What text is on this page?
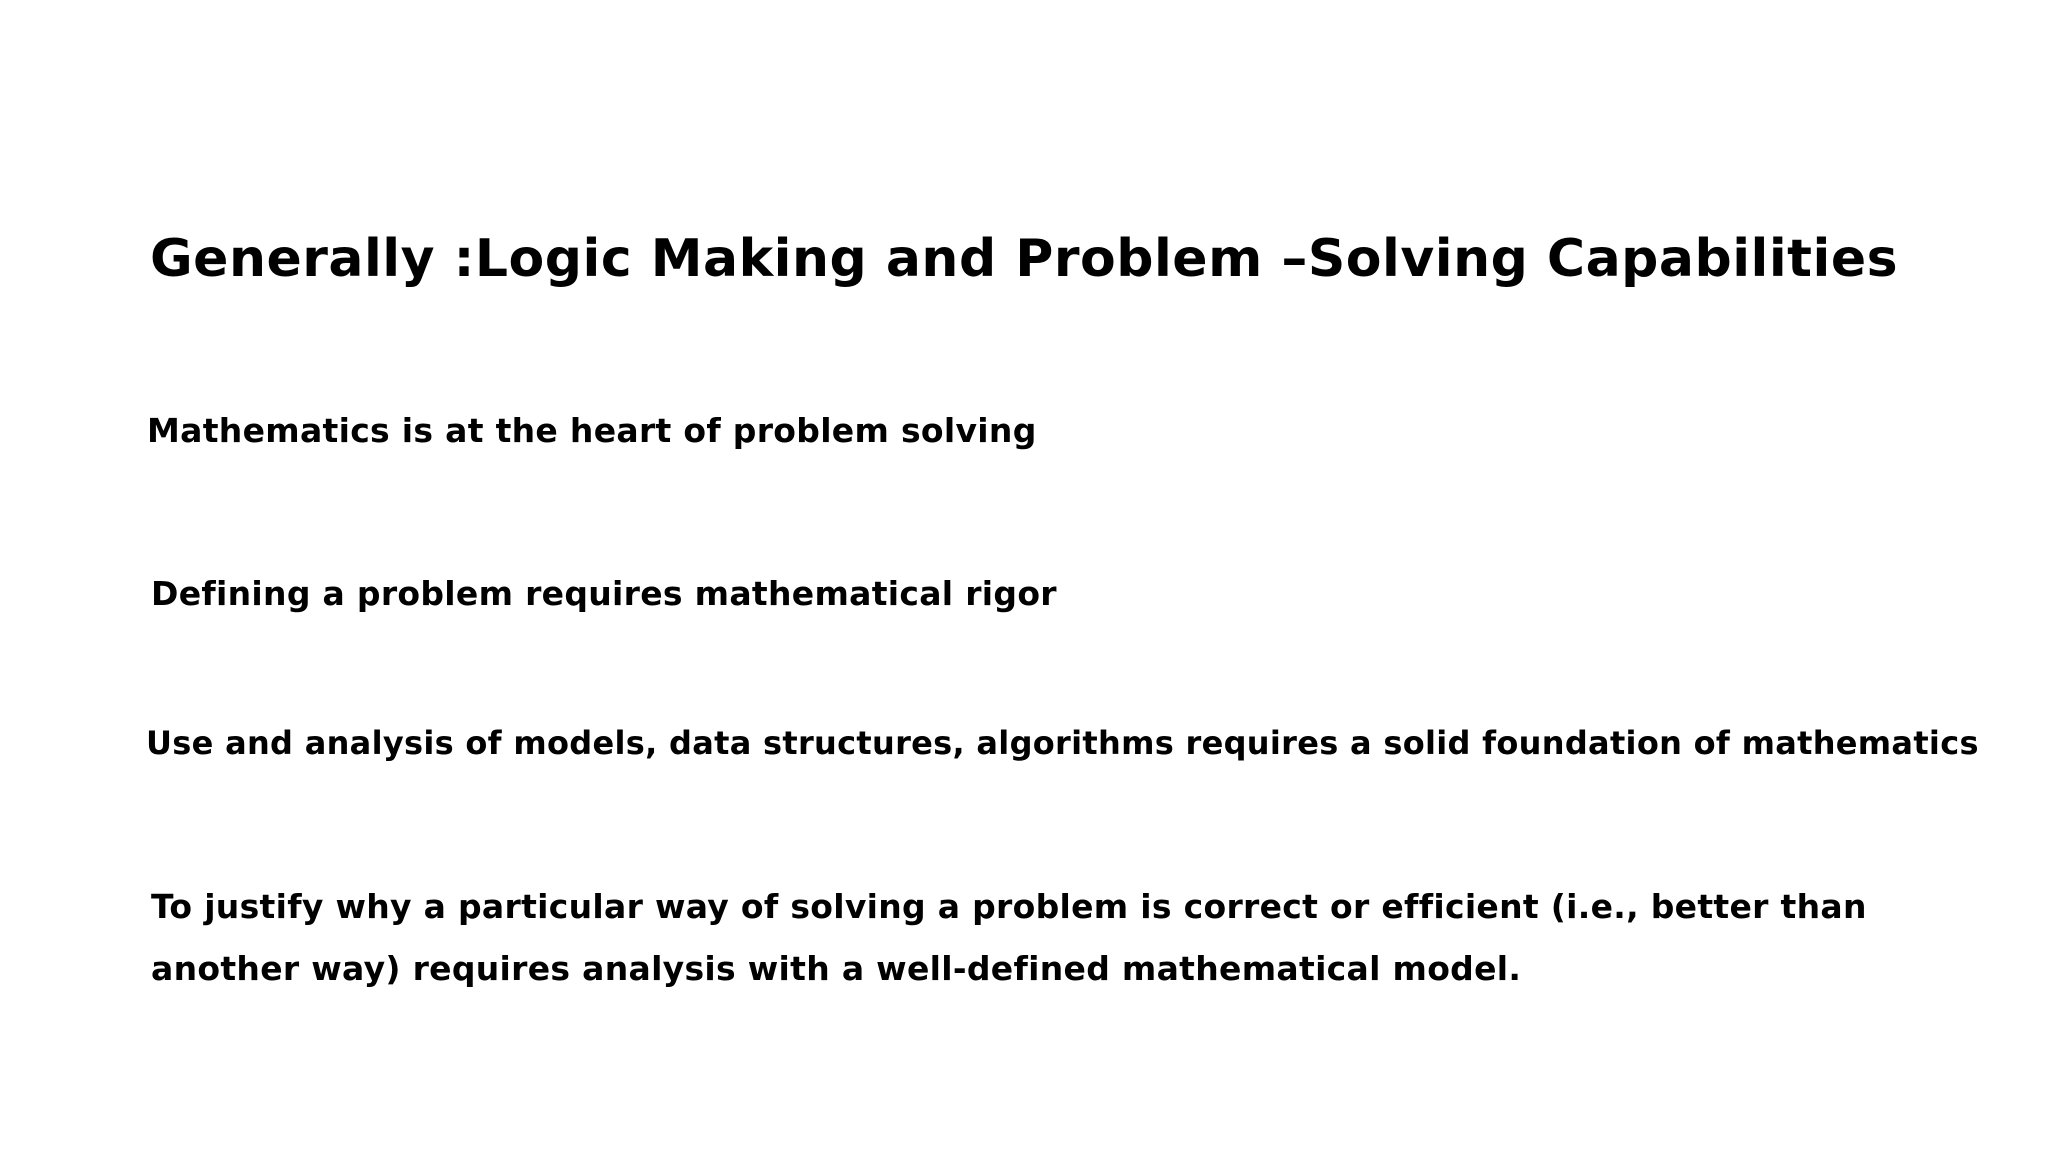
Generally :Logic Making and Problem –Solving Capabilities
Mathematics is at the heart of problem solving
Defining a problem requires mathematical rigor
Use and analysis of models, data structures, algorithms requires a solid foundation of mathematics
To justify why a particular way of solving a problem is correct or efficient (i.e., better than
another way) requires analysis with a well-defined mathematical model.
